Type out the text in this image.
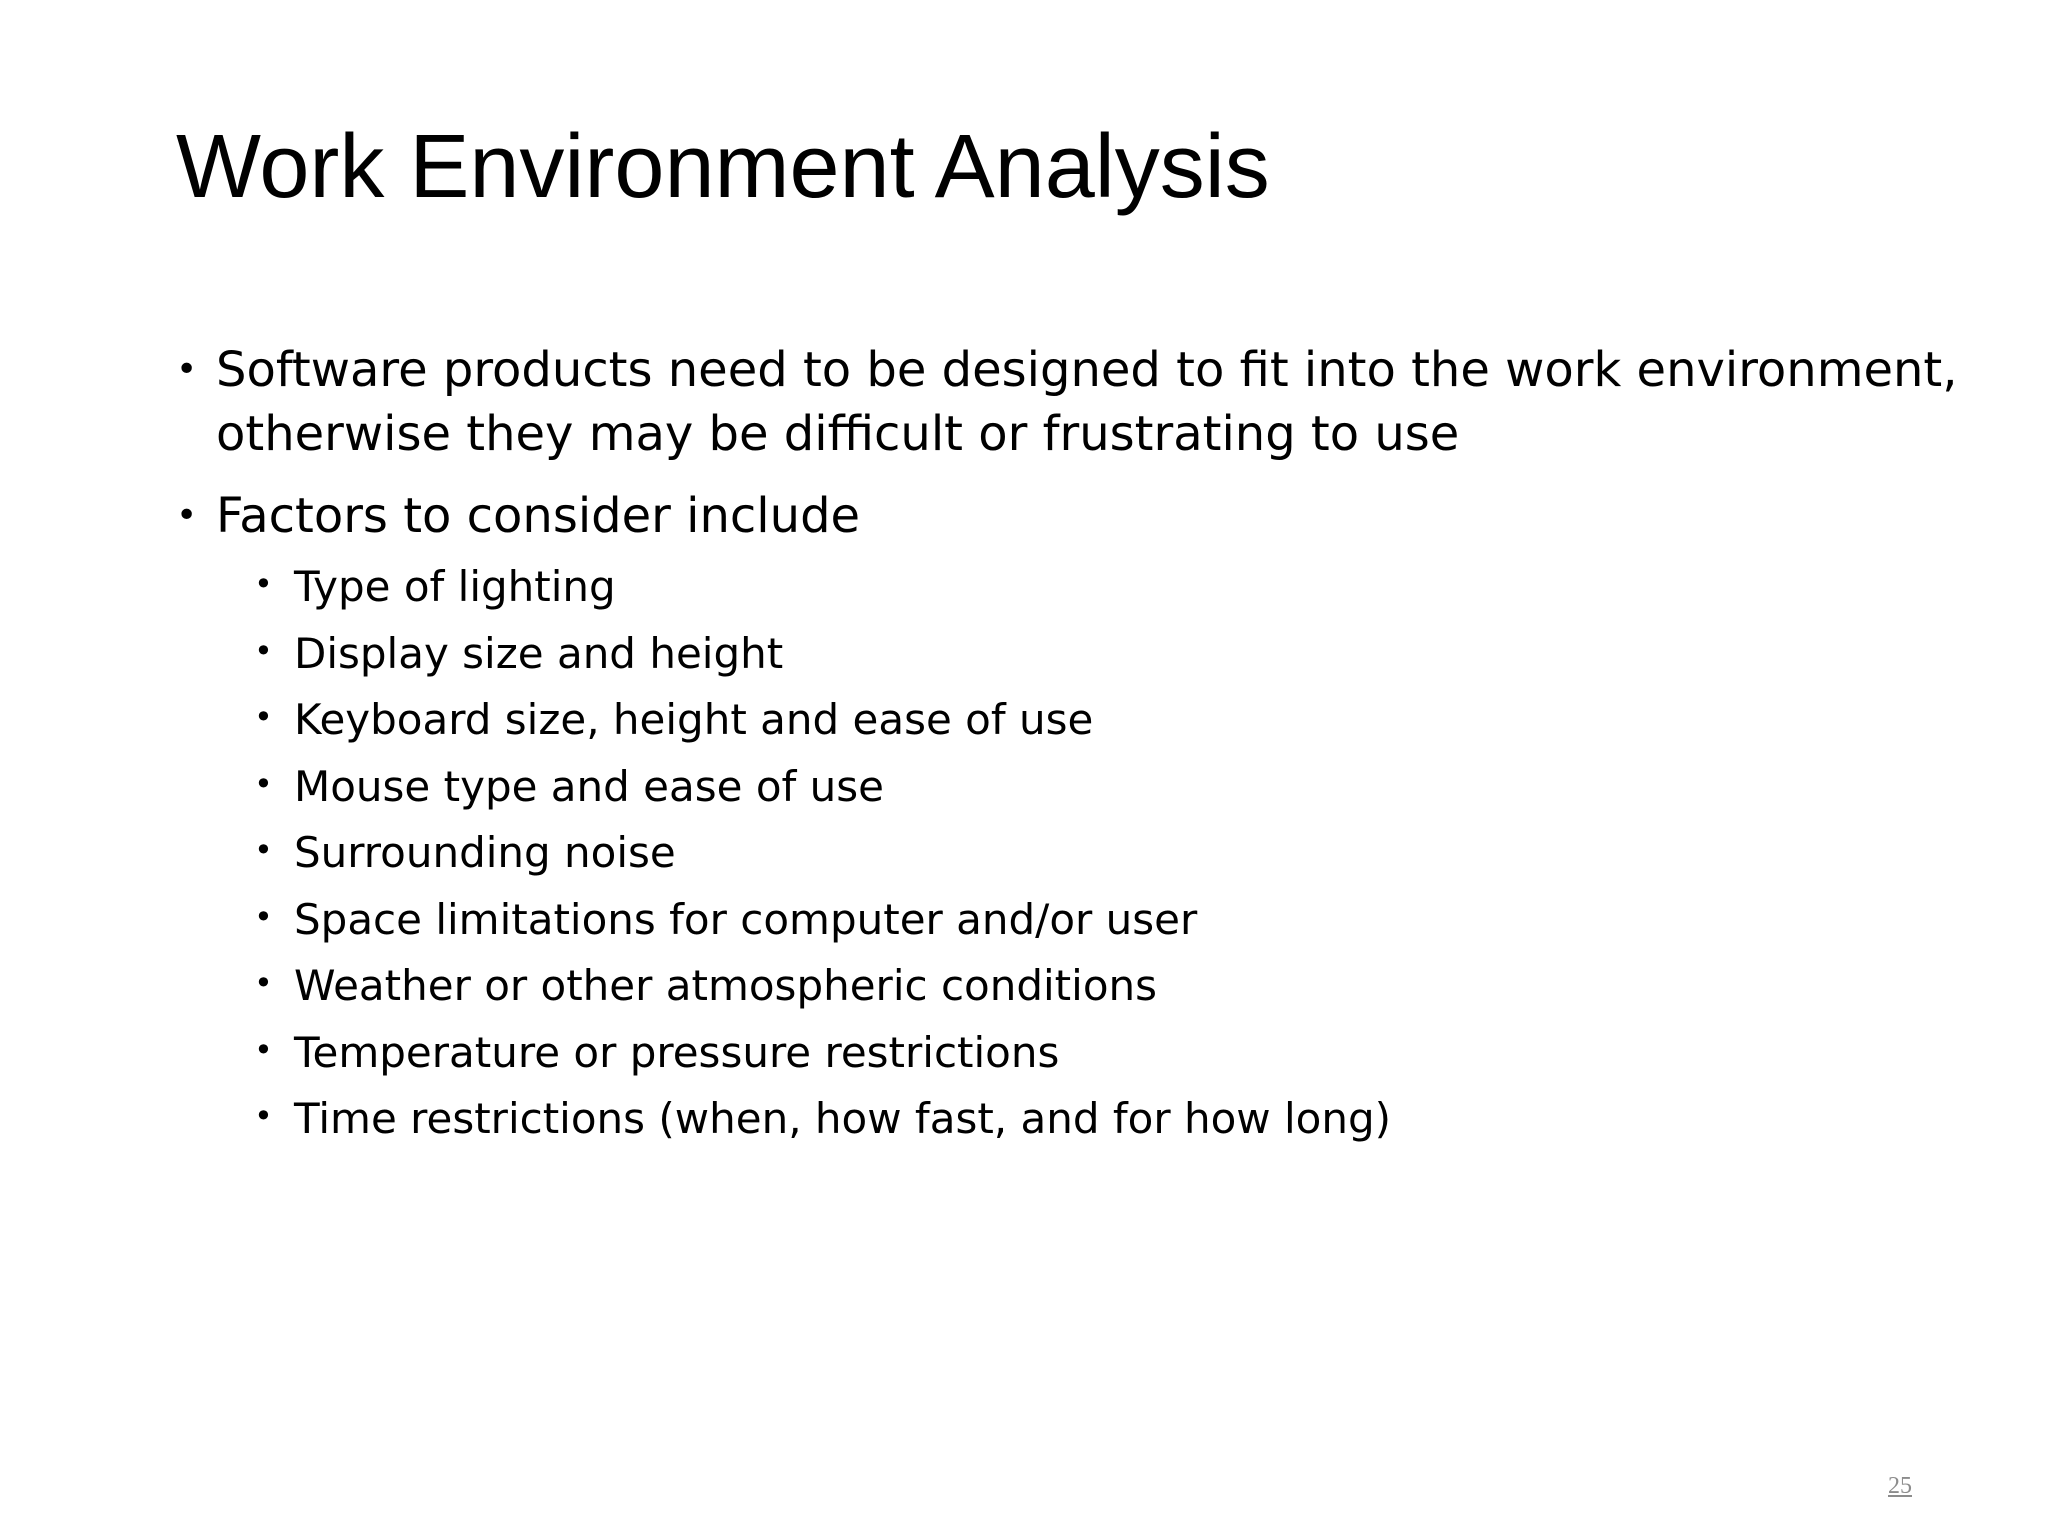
Work Environment Analysis
• Software products need to be designed to fit into the work environment, otherwise they may be difficult or frustrating to use
• Factors to consider include
• Type of lighting
• Display size and height
• Keyboard size, height and ease of use
• Mouse type and ease of use
• Surrounding noise
• Space limitations for computer and/or user
• Weather or other atmospheric conditions
• Temperature or pressure restrictions
• Time restrictions (when, how fast, and for how long)
25
